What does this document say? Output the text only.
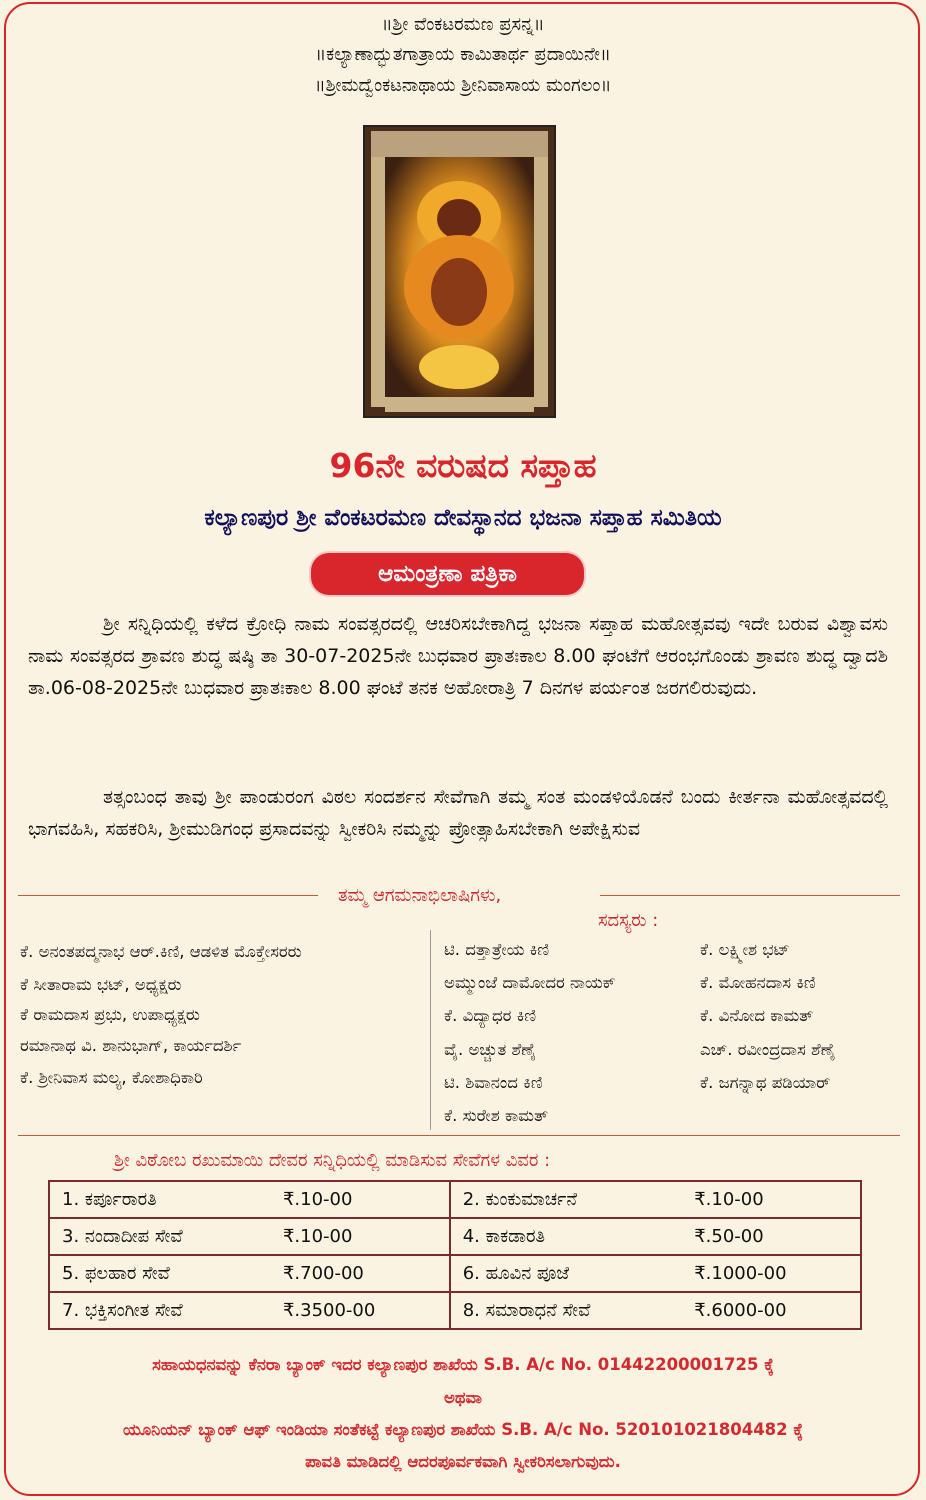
॥ಶ್ರೀ ವೆಂಕಟರಮಣ ಪ್ರಸನ್ನ॥
॥ಕಲ್ಯಾಣಾದ್ಭುತಗಾತ್ರಾಯ ಕಾಮಿತಾರ್ಥ ಪ್ರದಾಯಿನೇ॥
॥ಶ್ರೀಮದ್ವೆಂಕಟನಾಥಾಯ ಶ್ರೀನಿವಾಸಾಯ ಮಂಗಲಂ॥
96ನೇ ವರುಷದ ಸಪ್ತಾಹ
ಕಲ್ಯಾಣಪುರ ಶ್ರೀ ವೆಂಕಟರಮಣ ದೇವಸ್ಥಾನದ ಭಜನಾ ಸಪ್ತಾಹ ಸಮಿತಿಯ
ಆಮಂತ್ರಣಾ ಪತ್ರಿಕಾ

ಶ್ರೀ ಸನ್ನಿಧಿಯಲ್ಲಿ ಕಳೆದ ಕ್ರೋಧಿ ನಾಮ ಸಂವತ್ಸರದಲ್ಲಿ ಆಚರಿಸಬೇಕಾಗಿದ್ದ ಭಜನಾ ಸಪ್ತಾಹ ಮಹೋತ್ಸವವು ಇದೇ ಬರುವ ವಿಶ್ವಾವಸು ನಾಮ ಸಂವತ್ಸರದ ಶ್ರಾವಣ ಶುದ್ಧ ಷಷ್ಠಿ ತಾ 30-07-2025ನೇ ಬುಧವಾರ ಪ್ರಾತಃಕಾಲ 8.00 ಘಂಟೆಗೆ ಆರಂಭಗೊಂಡು ಶ್ರಾವಣ ಶುದ್ಧ ದ್ವಾದಶಿ ತಾ.06-08-2025ನೇ ಬುಧವಾರ ಪ್ರಾತಃಕಾಲ 8.00 ಘಂಟೆ ತನಕ ಅಹೋರಾತ್ರಿ 7 ದಿನಗಳ ಪರ್ಯಂತ ಜರಗಲಿರುವುದು.

ತತ್ಸಂಬಂಧ ತಾವು ಶ್ರೀ ಪಾಂಡುರಂಗ ವಿಠಲ ಸಂದರ್ಶನ ಸೇವೆಗಾಗಿ ತಮ್ಮ ಸಂತ ಮಂಡಳಿಯೊಡನೆ ಬಂದು ಕೀರ್ತನಾ ಮಹೋತ್ಸವದಲ್ಲಿ ಭಾಗವಹಿಸಿ, ಸಹಕರಿಸಿ, ಶ್ರೀಮುಡಿಗಂಧ ಪ್ರಸಾದವನ್ನು ಸ್ವೀಕರಿಸಿ ನಮ್ಮನ್ನು ಪ್ರೋತ್ಸಾಹಿಸಬೇಕಾಗಿ ಅಪೇಕ್ಷಿಸುವ

ತಮ್ಮ ಆಗಮನಾಭಿಲಾಷಿಗಳು,
ಸದಸ್ಯರು :
ಕೆ. ಅನಂತಪದ್ಮನಾಭ ಆರ್.ಕಿಣಿ, ಆಡಳಿತ ಮೊಕ್ತೇಸರರು
ಕೆ ಸೀತಾರಾಮ ಭಟ್, ಅಧ್ಯಕ್ಷರು
ಕೆ ರಾಮದಾಸ ಪ್ರಭು, ಉಪಾಧ್ಯಕ್ಷರು
ರಮಾನಾಥ ವಿ. ಶಾನುಭಾಗ್, ಕಾರ್ಯದರ್ಶಿ
ಕೆ. ಶ್ರೀನಿವಾಸ ಮಲ್ಯ, ಕೋಶಾಧಿಕಾರಿ
ಟಿ. ದತ್ತಾತ್ರೇಯ ಕಿಣಿ
ಅಮ್ಮುಂಜೆ ದಾಮೋದರ ನಾಯಕ್
ಕೆ. ವಿದ್ಯಾಧರ ಕಿಣಿ
ವೈ. ಅಚ್ಚುತ ಶೆಣೈ
ಟಿ. ಶಿವಾನಂದ ಕಿಣಿ
ಕೆ. ಸುರೇಶ ಕಾಮತ್
ಕೆ. ಲಕ್ಷ್ಮೀಶ ಭಟ್
ಕೆ. ಮೋಹನದಾಸ ಕಿಣಿ
ಕೆ. ವಿನೋದ ಕಾಮತ್
ಎಚ್. ರವೀಂದ್ರದಾಸ ಶೆಣೈ
ಕೆ. ಜಗನ್ನಾಥ ಪಡಿಯಾರ್
ಶ್ರೀ ವಿಠೋಬ ರಖುಮಾಯಿ ದೇವರ ಸನ್ನಿಧಿಯಲ್ಲಿ ಮಾಡಿಸುವ ಸೇವೆಗಳ ವಿವರ :
1. ಕರ್ಪೂರಾರತಿ	₹.10-00	2. ಕುಂಕುಮಾರ್ಚನೆ	₹.10-00
3. ನಂದಾದೀಪ ಸೇವೆ	₹.10-00	4. ಕಾಕಡಾರತಿ	₹.50-00
5. ಫಲಹಾರ ಸೇವೆ	₹.700-00	6. ಹೂವಿನ ಪೂಜೆ	₹.1000-00
7. ಭಕ್ತಿಸಂಗೀತ ಸೇವೆ	₹.3500-00	8. ಸಮಾರಾಧನೆ ಸೇವೆ	₹.6000-00
ಸಹಾಯಧನವನ್ನು ಕೆನರಾ ಬ್ಯಾಂಕ್ ಇದರ ಕಲ್ಯಾಣಪುರ ಶಾಖೆಯ S.B. A/c No. 01442200001725 ಕ್ಕೆ
ಅಥವಾ
ಯೂನಿಯನ್ ಬ್ಯಾಂಕ್ ಆಫ್ ಇಂಡಿಯಾ ಸಂತೆಕಟ್ಟೆ ಕಲ್ಯಾಣಪುರ ಶಾಖೆಯ S.B. A/c No. 520101021804482 ಕ್ಕೆ
ಪಾವತಿ ಮಾಡಿದಲ್ಲಿ ಆದರಪೂರ್ವಕವಾಗಿ ಸ್ವೀಕರಿಸಲಾಗುವುದು.
